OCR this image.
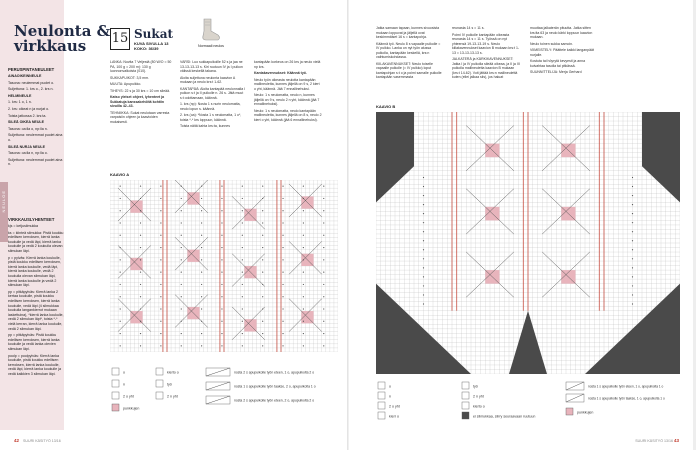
NEULOE
Neulonta & virkkaus
PERUSPINTANEULEET

AINAOIKEINNEULE

Tasona: neulemmat puolet o.

Suljettuna: 1. krs o., 2. krs n.

HELMINEULE

1. krs: 1 o, 1 n.

2. krs: oikeat n ja nurjat o.

Toista jatkossa 2. krs:ta.

SILEÄ OIKEA NEULE

Tasona: oa:lla o, np:lla n.

Suljettuna: neulemmat puolet aina o.

SILEÄ NURJA NEULE

Tasona: oa:lla n, np:lla o.

Suljettuna: neulemmat puolet aina n.

VIRKKAUSLYHENTEET

kjs = ketjusilmukka

ks = kiinteä silmukka: Pistä koukku edellisen kerroksen, kierrä lanka koukulle ja vedä läpi, kierrä lanka koukulle ja vedä 2 koukulla olevan silmukan läpi.

p = pylväs: Kierrä lanka koukulle, pistä koukku edellisen kerroksen, kierrä lanka koukulle, vedä läpi, kierrä lanka koukulle, vedä 2 koukulla olevan silmukan läpi, kierrä lanka koukulle ja vedä 2 silmukan läpi.

pp = pitkäpylväs: Kierrä lanka 2 kertaa koukulle, pistä koukku edellisen kerroksen, kierrä lanka koukulle, vedä läpi (4 silmukkaa koukulla langankierrot mukaan laskettuina), *kierrä lanka koukulle, vedä 2 silmukan läpi*, toista *-* vielä kerran, kierrä lanka koukulle, vedä 2 silmukan läpi.

pp = pitkäpylväs: Pistä koukku edellisen kerroksen, kierrä lanka koukulle ja vedä lanka olevien silmukan läpi.

poolp = poolpylväs: Kierrä lanka koukulle, pistä koukku edellisen kerroksen, kierrä lanka koukulle, vedä läpi, kierrä lanka koukulle ja vedä kaikkien 3 silmukan läpi.

15 Sukat
KUVA SIVULLA 13
KOKO: 36/39	Normaali neulos

LANKA: Novita 7 Veljestä (80 W/O = 50 PA, 100 g = 200 m): 130 g luonnonvalkoista (010).

SUKKAPUIKOT: 3,5 mm.

MUUTA: Apupuikko.

TIHEYS: 22 s ja 30 krs = 10 cm sileää.

Katso yleiset ohjeet, lyhenteet ja Sukkatuja kanssakehöltä kohtiin sivuilla 42–43.

TEHNIIKKA: Sukat neulotaan varresta varpaisiin ohjeen ja kaavioiden mukaisesti.

VARSI: Luo sukkapuikoille 52 s ja jaa ne 13-13-13-13 s. Kiri ruutuun IV ja I puikon välissä keskellä takana.

Aloita suljettuna neulonta kaavion A mukaan ja neulo krs:t 1-62.

KANTAPÄÄ: Aloita kantapää neulonnalla I puikon s:t ja II puikolle n. 26 s. Jätä muut s:t odottamaan, käännä.

1. krs (np): Nosta 1 s nurin neulomatta, neulo lopun s. käännä.

2. krs (oa): *Nosta 1 s neulomatta, 1 o*, toista *-* krs loppuun, käännä.

Toista näitä kahta krs:ta, kunnes

kantapään korkeus on 26 krs ja neulo vielä np krs.

Kantakavennukset: Käännä työ.

Neulo työn oikeasta neulotta kantapään mallineuletta, kunnes jäljellä on 9 s, 2 kiert o yht, käännä. Jää 7 ennallinehuksi.

Neulo: 1 s neulomatta, neulo n, kunnes jäljellä on 9 s, neulo 2 n yht, käännä (jää 7 ennallinehuksi).

Neulo: 1 s neulomatta, neulo kantapään mallineuletta, kunnes jäljellä on 8 s, neulo 2 kiert o yht, käännä (jää 6 ennallinehuksi).

KAAVIO A
o	kierto o
n	työ
2 o yht	2 n yht
punkkujen
nosta 2 s apupuikolle työn eteen, 1 o, apupuikolta 2 o
nosta 1 s apupuikolle työn taakse, 2 o, apupuikolta 1 o
nosta 2 s apupuikolle työn eteen, 2 o, apupuikolta 2 o
42 SUURI KÄSITYÖ 13/16

Jatka samaan tapaan, kunnes sivuosista mukaan loppuvat ja jäljellä ovat keskimmäiset 16 s = kantapohja.

Käännä työ. Neulo 8 s vapaalle puikolle = IV puikko. Lanka on nyt työn alussa puikolla, kantapään keskellä, krs:n vaihtumiskohdassa.

KIILAKAVENNUKSET: Neulo toiselle vapaalle puikolle (= IV puikko) loput kantapohjan s:t o ja poimi samalle puikolle kantapään vasemmasta

reunasta 14 s = 11 s.

Poimi IV puikolle kantapään oikeasta reunasta 14 s = 11 s. Työssä on nyt yhteensä 19-13-13-19 s. Neulo kiilakavennukset kaavion B mukaan krs:t 1-13 = 13-13-13-13 s.

JALKATERÄ ja KÄRKIKAVENNUKSET: Jatka I ja IV puikolla sileää oikeaa, ja II ja III puikolla mallineuletta kaavion B mukaan (krs:t 14-62). Voit jättää krs:n mallineulettä kuten (ellei jalkaa siis), jos haluat

muuttaa jalkaterän pituutta. Jatka sitten krs:lta 63 ja neulo kärki loppuun kaavion mukaan.

Neulo toinen sukka samoin.

VIIMEISTELY: Päättele kaikki langanpäät nurjalle.

Kostuta tai höyrytä kevyesti ja anna kuivahtaa tasolla tai pitkässä.

SUUNNITTELIJA: Merja Gerhard

KAAVIO B
o	työ
n	2 n yht
2 o yht	kierto o
kierr o	ei silmukkaa, siirry seuraavaan ruutuun
nosta 1 s apupuikolle työn eteen, 1 o, apupuikolta 1 o
nosta 1 s apupuikolle työn taakse, 1 o, apupuikolta 1 o
punkkujen
SUURI KÄSITYÖ 13/16 43
